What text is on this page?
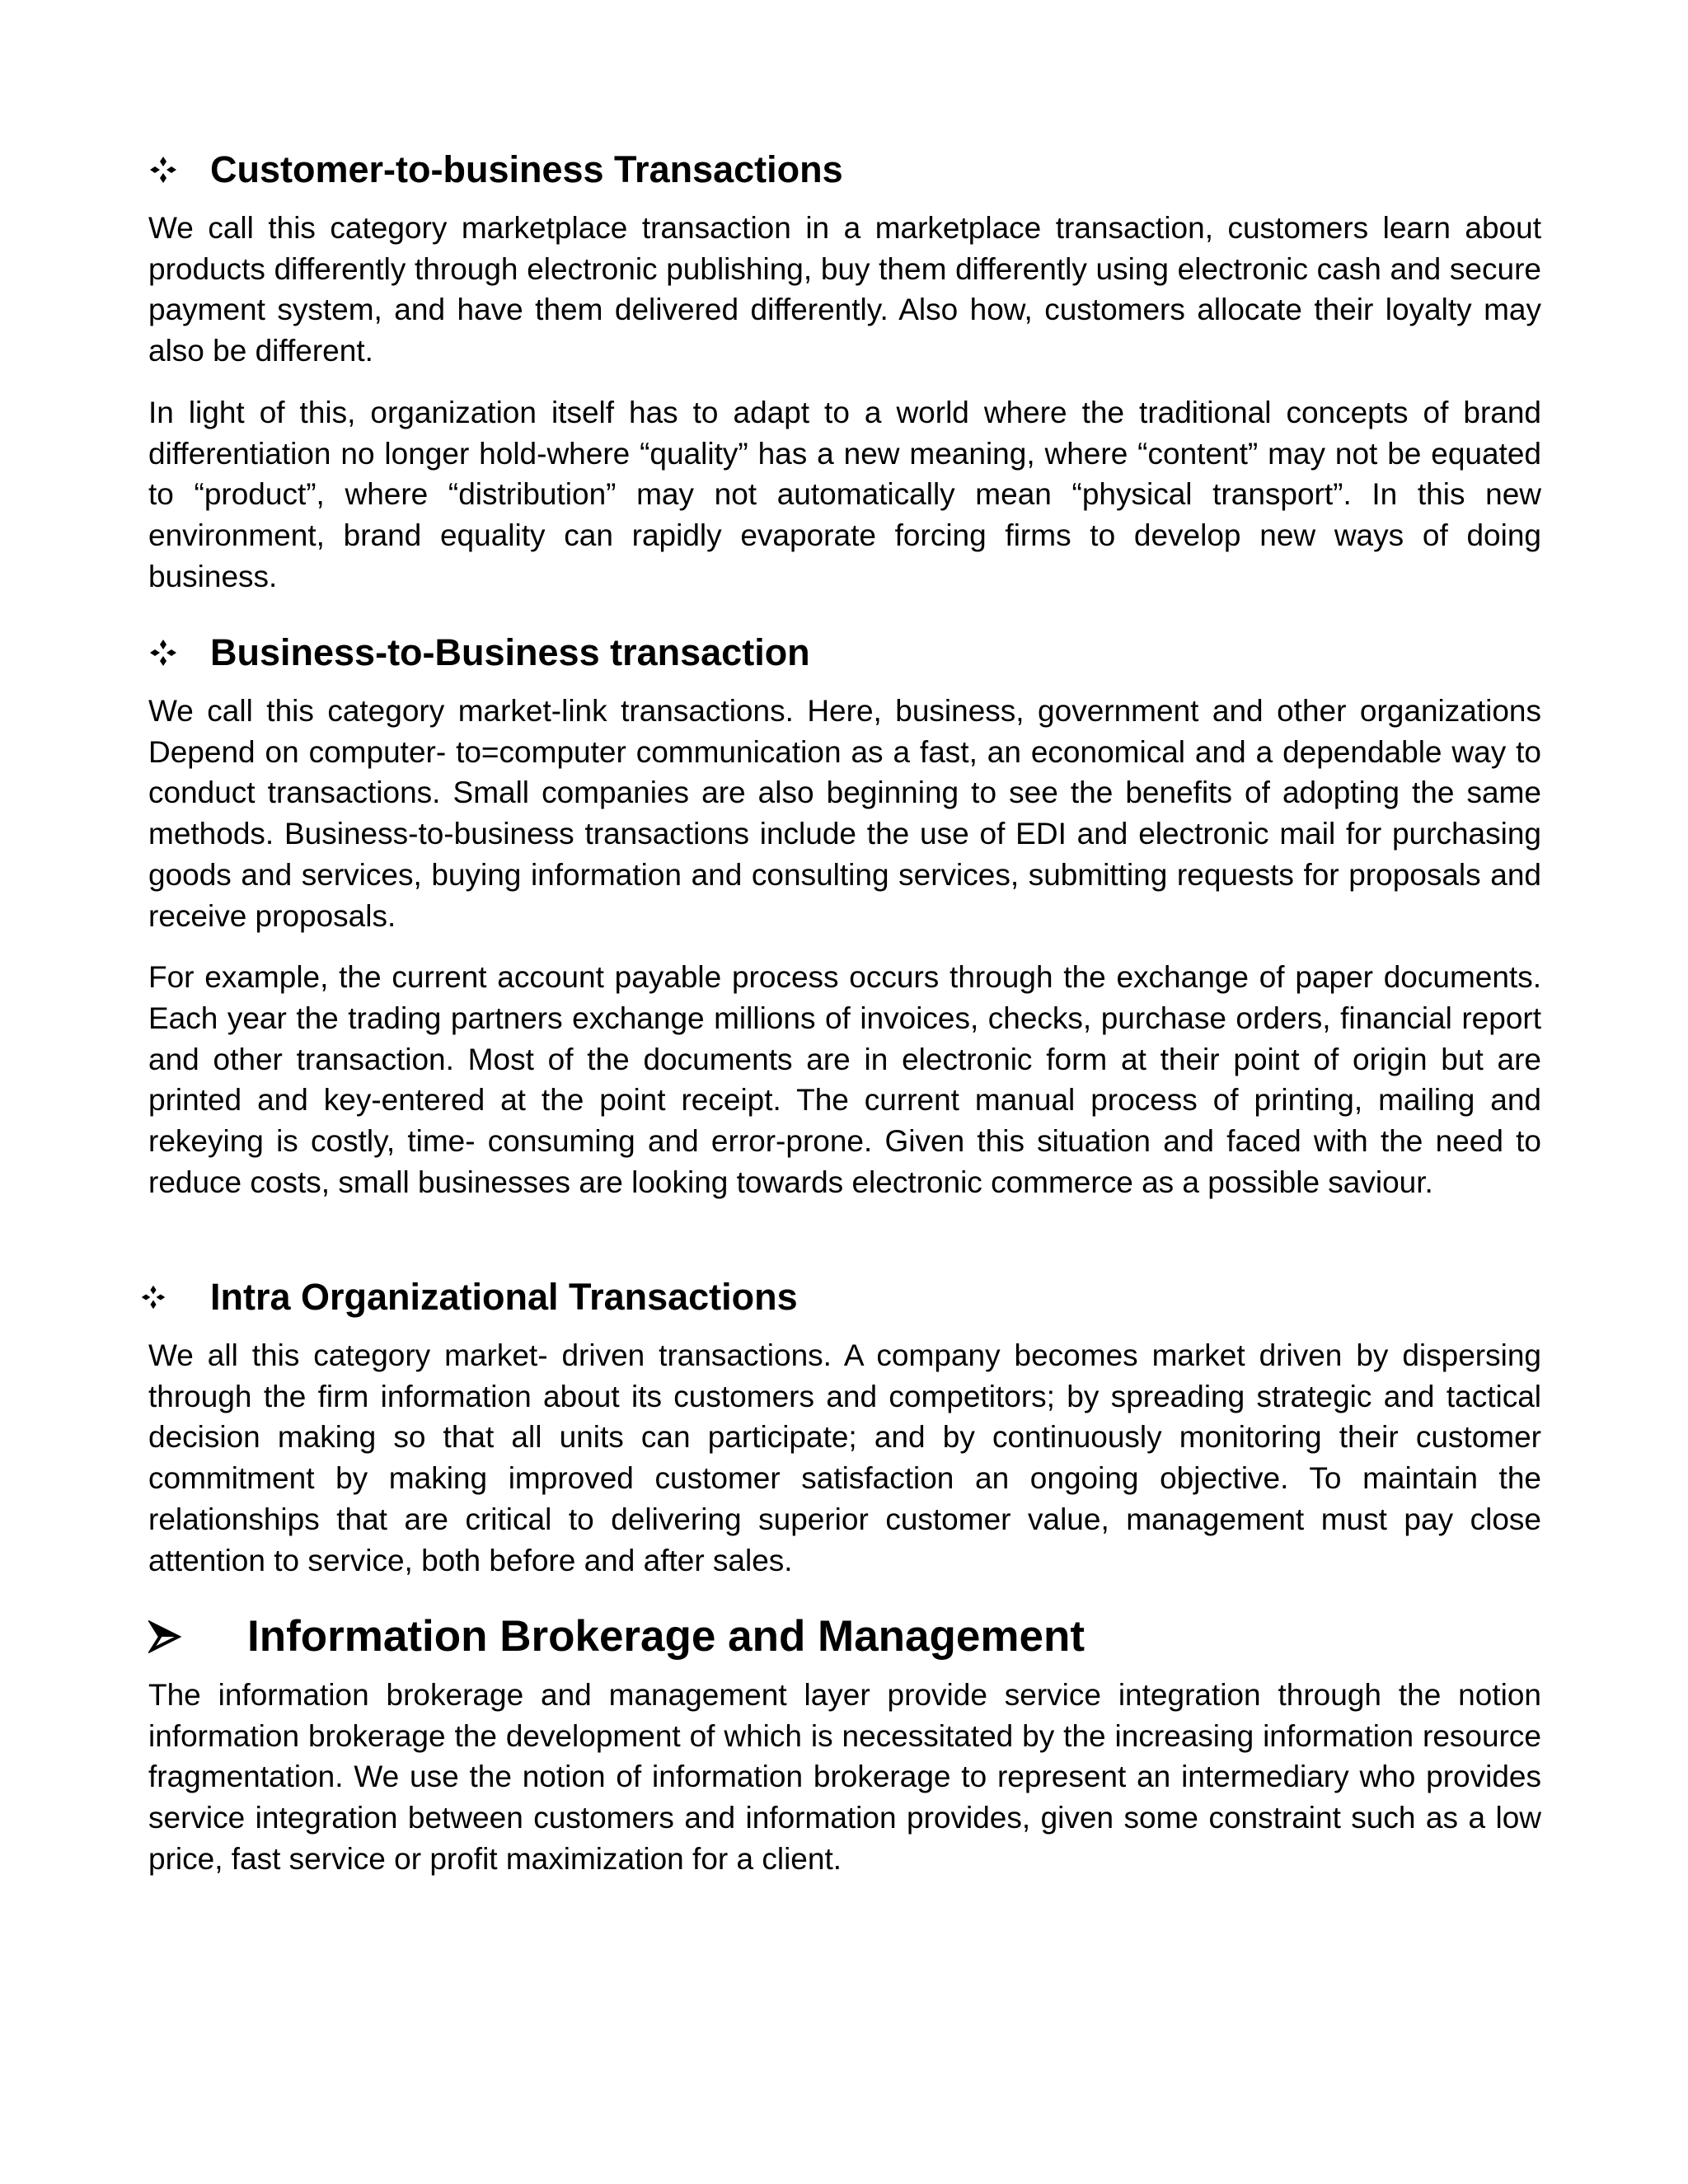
Customer-to-business Transactions

We call this category marketplace transaction in a marketplace transaction, customers learn about products differently through electronic publishing, buy them differently using electronic cash and secure payment system, and have them delivered differently. Also how, customers allocate their loyalty may also be different.

In light of this, organization itself has to adapt to a world where the traditional concepts of brand differentiation no longer hold-where “quality” has a new meaning, where “content” may not be equated to “product”, where “distribution” may not automatically mean “physical transport”. In this new environment, brand equality can rapidly evaporate forcing firms to develop new ways of doing business.

Business-to-Business transaction

We call this category market-link transactions. Here, business, government and other organizations Depend on computer- to=computer communication as a fast, an economical and a dependable way to conduct transactions. Small companies are also beginning to see the benefits of adopting the same methods. Business-to-business transactions include the use of EDI and electronic mail for purchasing goods and services, buying information and consulting services, submitting requests for proposals and receive proposals.

For example, the current account payable process occurs through the exchange of paper documents. Each year the trading partners exchange millions of invoices, checks, purchase orders, financial report and other transaction. Most of the documents are in electronic form at their point of origin but are printed and key-entered at the point receipt. The current manual process of printing, mailing and rekeying is costly, time- consuming and error-prone. Given this situation and faced with the need to reduce costs, small businesses are looking towards electronic commerce as a possible saviour.

Intra Organizational Transactions

We all this category market- driven transactions. A company becomes market driven by dispersing through the firm information about its customers and competitors; by spreading strategic and tactical decision making so that all units can participate; and by continuously monitoring their customer commitment by making improved customer satisfaction an ongoing objective. To maintain the relationships that are critical to delivering superior customer value, management must pay close attention to service, both before and after sales.

Information Brokerage and Management

The information brokerage and management layer provide service integration through the notion information brokerage the development of which is necessitated by the increasing information resource fragmentation. We use the notion of information brokerage to represent an intermediary who provides service integration between customers and information provides, given some constraint such as a low price, fast service or profit maximization for a client.
